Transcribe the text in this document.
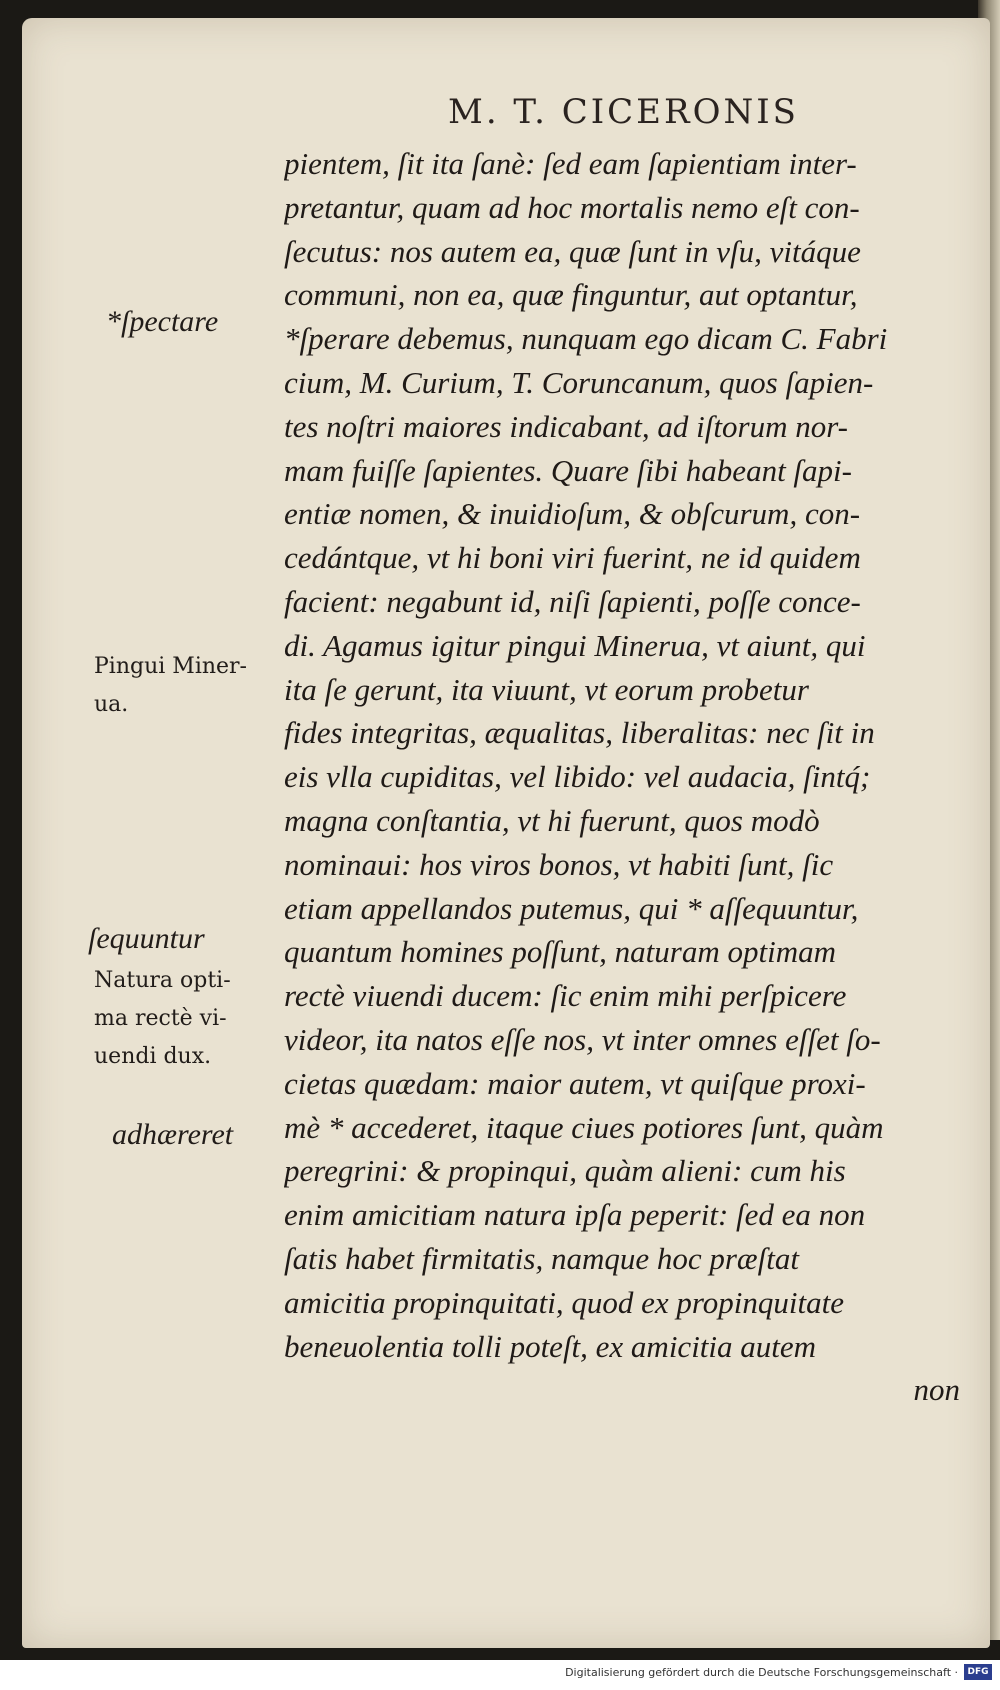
M. T. CICERONIS
pientem, ſit ita ſanè: ſed eam ſapientiam inter-
pretantur, quam ad hoc mortalis nemo eſt con-
ſecutus: nos autem ea, quæ ſunt in vſu, vitáque
communi, non ea, quæ finguntur, aut optantur,
*ſperare debemus, nunquam ego dicam C. Fabri
cium, M. Curium, T. Coruncanum, quos ſapien-
tes noſtri maiores indicabant, ad iſtorum nor-
mam fuiſſe ſapientes. Quare ſibi habeant ſapi-
entiæ nomen, & inuidioſum, & obſcurum, con-
cedántque, vt hi boni viri fuerint, ne id quidem
facient: negabunt id, niſi ſapienti, poſſe conce-
di. Agamus igitur pingui Minerua, vt aiunt, qui
ita ſe gerunt, ita viuunt, vt eorum probetur
fides integritas, æqualitas, liberalitas: nec ſit in
eis vlla cupiditas, vel libido: vel audacia, ſintq́;
magna conſtantia, vt hi fuerunt, quos modò
nominaui: hos viros bonos, vt habiti ſunt, ſic
etiam appellandos putemus, qui * aſſequuntur,
quantum homines poſſunt, naturam optimam
rectè viuendi ducem: ſic enim mihi perſpicere
videor, ita natos eſſe nos, vt inter omnes eſſet ſo-
cietas quædam: maior autem, vt quiſque proxi-
mè * accederet, itaque ciues potiores ſunt, quàm
peregrini: & propinqui, quàm alieni: cum his
enim amicitiam natura ipſa peperit: ſed ea non
ſatis habet firmitatis, namque hoc præſtat
amicitia propinquitati, quod ex propinquitate
beneuolentia tolli poteſt, ex amicitia autem
non
*ſpectare
Pingui Miner-
ua.
ſequuntur
Natura opti-
ma rectè vi-
uendi dux.
adhæreret
Digitalisierung gefördert durch die Deutsche Forschungsgemeinschaft ·	DFG
